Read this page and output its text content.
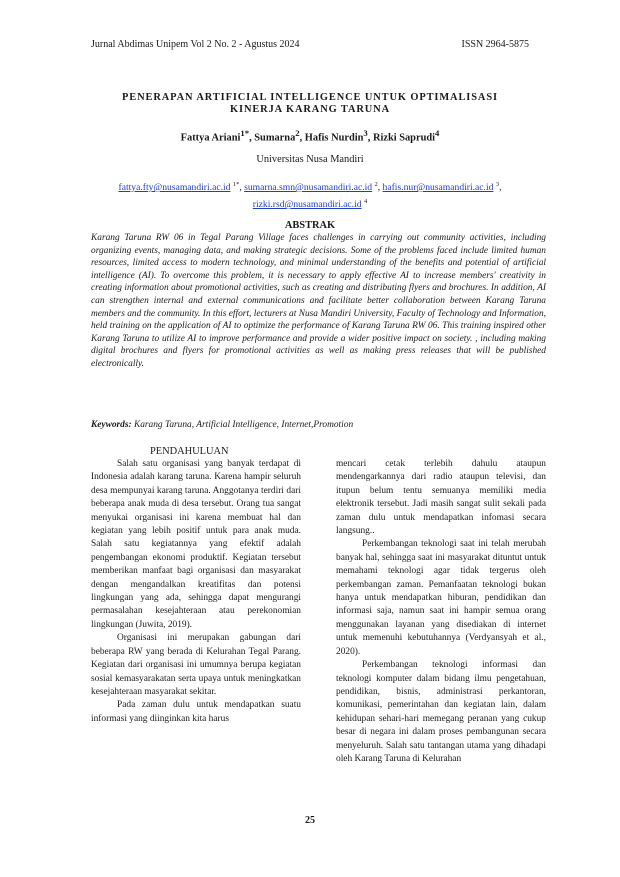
Jurnal Abdimas Unipem Vol 2 No. 2 - Agustus 2024	ISSN 2964-5875
PENERAPAN ARTIFICIAL INTELLIGENCE UNTUK OPTIMALISASI KINERJA KARANG TARUNA
Fattya Ariani$^{1*}$, Sumarna$^2$, Hafis Nurdin$^3$, Rizki Saprudi$^4$
Universitas Nusa Mandiri
fattya.fty@nusamandiri.ac.id $^{1*}$, sumarna.smn@nusamandiri.ac.id $^2$, hafis.nur@nusamandiri.ac.id $^3$,
rizki.rsd@nusamandiri.ac.id $^4$
ABSTRAK
Karang Taruna RW 06 in Tegal Parang Village faces challenges in carrying out community activities, including organizing events, managing data, and making strategic decisions. Some of the problems faced include limited human resources, limited access to modern technology, and minimal understanding of the benefits and potential of artificial intelligence (AI). To overcome this problem, it is necessary to apply effective AI to increase members' creativity in creating information about promotional activities, such as creating and distributing flyers and brochures. In addition, AI can strengthen internal and external communications and facilitate better collaboration between Karang Taruna members and the community. In this effort, lecturers at Nusa Mandiri University, Faculty of Technology and Information, held training on the application of AI to optimize the performance of Karang Taruna RW 06. This training inspired other Karang Taruna to utilize AI to improve performance and provide a wider positive impact on society. , including making digital brochures and flyers for promotional activities as well as making press releases that will be published electronically.
Keywords: Karang Taruna, Artificial Intelligence, Internet,Promotion
PENDAHULUAN

Salah satu organisasi yang banyak terdapat di Indonesia adalah karang taruna. Karena hampir seluruh desa mempunyai karang taruna. Anggotanya terdiri dari beberapa anak muda di desa tersebut. Orang tua sangat menyukai organisasi ini karena membuat hal dan kegiatan yang lebih positif untuk para anak muda. Salah satu kegiatannya yang efektif adalah pengembangan ekonomi produktif. Kegiatan tersebut memberikan manfaat bagi organisasi dan masyarakat dengan mengandalkan kreatifitas dan potensi lingkungan yang ada, sehingga dapat mengurangi permasalahan kesejahteraan atau perekonomian lingkungan (Juwita, 2019).

Organisasi ini merupakan gabungan dari beberapa RW yang berada di Kelurahan Tegal Parang. Kegiatan dari organisasi ini umumnya berupa kegiatan sosial kemasyarakatan serta upaya untuk meningkatkan kesejahteraan masyarakat sekitar.

Pada zaman dulu untuk mendapatkan suatu informasi yang diinginkan kita harus

mencari cetak terlebih dahulu ataupun mendengarkannya dari radio ataupun televisi, dan itupun belum tentu semuanya memiliki media elektronik tersebut. Jadi masih sangat sulit sekali pada zaman dulu untuk mendapatkan infomasi secara langsung..

Perkembangan teknologi saat ini telah merubah banyak hal, sehingga saat ini masyarakat dituntut untuk memahami teknologi agar tidak tergerus oleh perkembangan zaman. Pemanfaatan teknologi bukan hanya untuk mendapatkan hiburan, pendidikan dan informasi saja, namun saat ini hampir semua orang menggunakan layanan yang disediakan di internet untuk memenuhi kebutuhannya (Verdyansyah et al., 2020).

Perkembangan teknologi informasi dan teknologi komputer dalam bidang ilmu pengetahuan, pendidikan, bisnis, administrasi perkantoran, komunikasi, pemerintahan dan kegiatan lain, dalam kehidupan sehari-hari memegang peranan yang cukup besar di negara ini dalam proses pembangunan secara menyeluruh. Salah satu tantangan utama yang dihadapi oleh Karang Taruna di Kelurahan

25
